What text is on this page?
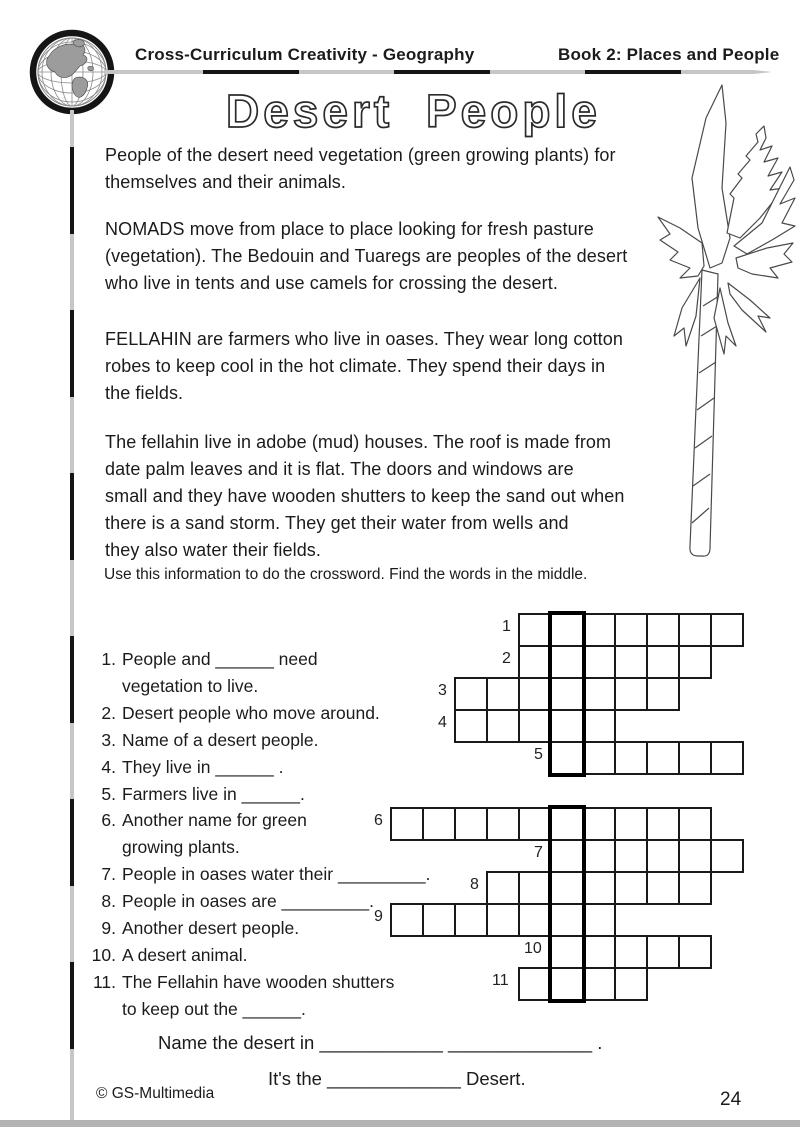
Cross-Curriculum Creativity - Geography	Book 2: Places and People
Desert People
People of the desert need vegetation (green growing plants) for
themselves and their animals.
NOMADS move from place to place looking for fresh pasture
(vegetation). The Bedouin and Tuaregs are peoples of the desert
who live in tents and use camels for crossing the desert.
FELLAHIN are farmers who live in oases. They wear long cotton
robes to keep cool in the hot climate. They spend their days in
the fields.
The fellahin live in adobe (mud) houses. The roof is made from
date palm leaves and it is flat. The doors and windows are
small and they have wooden shutters to keep the sand out when
there is a sand storm. They get their water from wells and
they also water their fields.
Use this information to do the crossword. Find the words in the middle.
1. People and ______ need
vegetation to live.
2. Desert people who move around.
3. Name of a desert people.
4. They live in ______ .
5. Farmers live in ______.
6. Another name for green
growing plants.
7. People in oases water their _________.
8. People in oases are _________.
9. Another desert people.
10. A desert animal.
11. The Fellahin have wooden shutters
to keep out the ______.
1
2
3
4
5
6
7
8
9
10
11
Name the desert in ____________ ______________ .
It's the _____________ Desert.
© GS-Multimedia	24
